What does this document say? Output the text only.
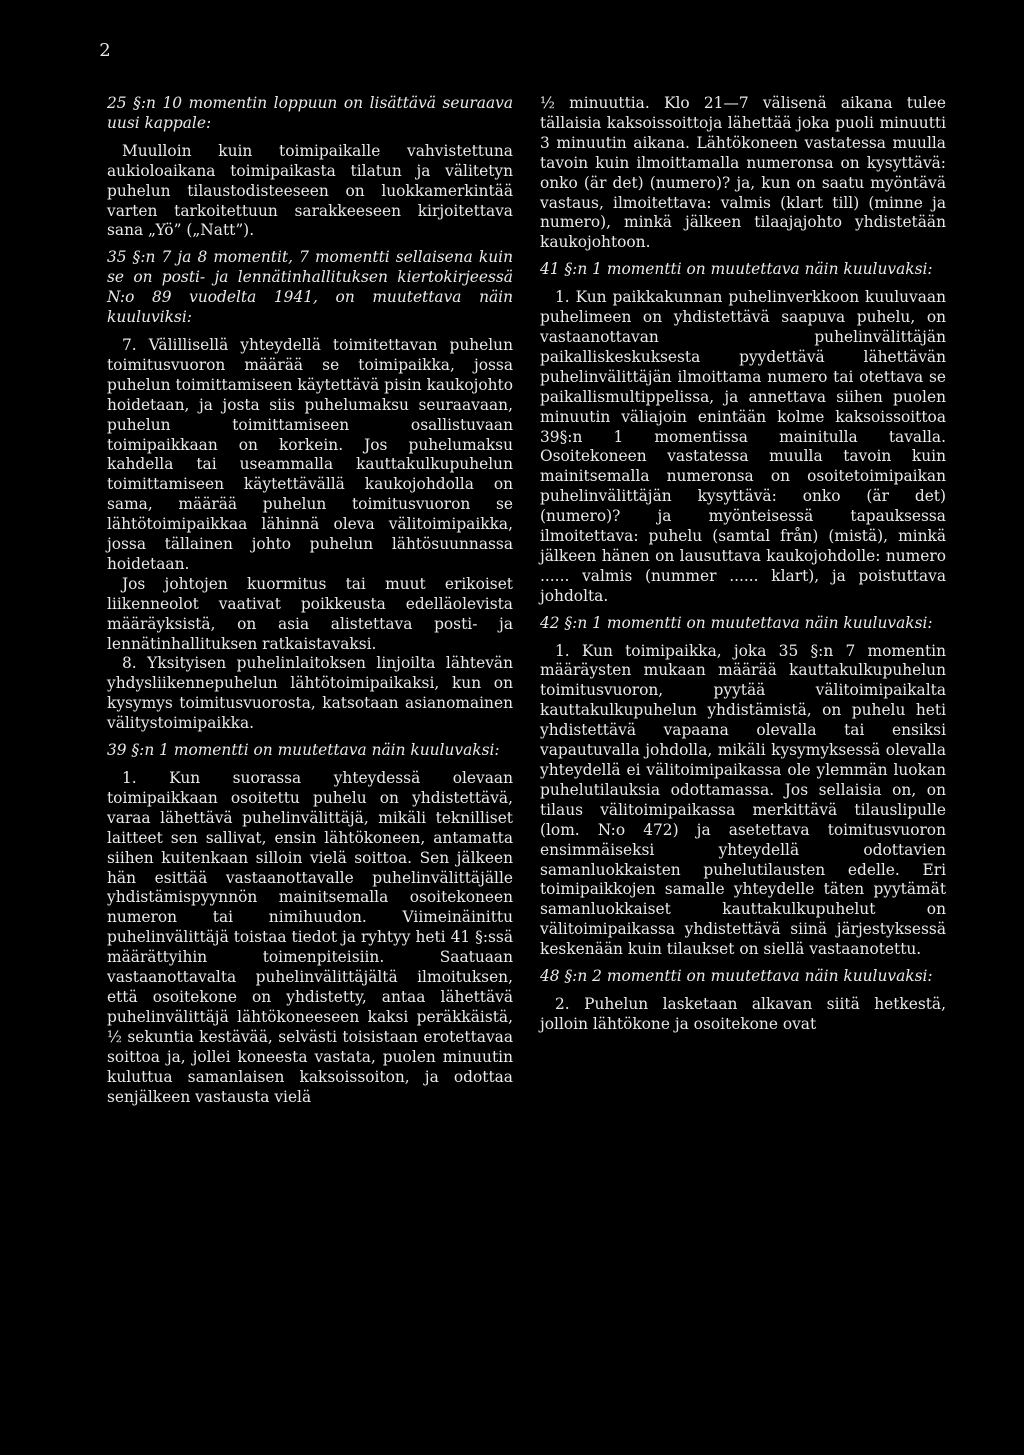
2

25 §:n 10 momentin loppuun on lisättävä seuraava uusi kappale:

Muulloin kuin toimipaikalle vahvistettuna aukioloaikana toimipaikasta tilatun ja välitetyn puhelun tilaustodisteeseen on luokkamerkintää varten tarkoitettuun sarakkeeseen kirjoitettava sana „Yö” („Natt”).

35 §:n 7 ja 8 momentit, 7 momentti sellaisena kuin se on posti- ja lennätinhallituksen kiertokirjeessä N:o 89 vuodelta 1941, on muutettava näin kuuluviksi:

7. Välillisellä yhteydellä toimitettavan puhelun toimitusvuoron määrää se toimipaikka, jossa puhelun toimittamiseen käytettävä pisin kaukojohto hoidetaan, ja josta siis puhelumaksu seuraavaan, puhelun toimittamiseen osallistuvaan toimipaikkaan on korkein. Jos puhelumaksu kahdella tai useammalla kauttakulkupuhelun toimittamiseen käytettävällä kaukojohdolla on sama, määrää puhelun toimitusvuoron se lähtötoimipaikkaa lähinnä oleva välitoimipaikka, jossa tällainen johto puhelun lähtösuunnassa hoidetaan.

Jos johtojen kuormitus tai muut erikoiset liikenneolot vaativat poikkeusta edelläolevista määräyksistä, on asia alistettava posti- ja lennätinhallituksen ratkaistavaksi.

8. Yksityisen puhelinlaitoksen linjoilta lähtevän yhdysliikennepuhelun lähtötoimipaikaksi, kun on kysymys toimitusvuorosta, katsotaan asianomainen välitystoimipaikka.

39 §:n 1 momentti on muutettava näin kuuluvaksi:

1. Kun suorassa yhteydessä olevaan toimipaikkaan osoitettu puhelu on yhdistettävä, varaa lähettävä puhelinvälittäjä, mikäli teknilliset laitteet sen sallivat, ensin lähtökoneen, antamatta siihen kuitenkaan silloin vielä soittoa. Sen jälkeen hän esittää vastaanottavalle puhelinvälittäjälle yhdistämispyynnön mainitsemalla osoitekoneen numeron tai nimihuudon. Viimeinäinittu puhelinvälittäjä toistaa tiedot ja ryhtyy heti 41 §:ssä määrättyihin toimenpiteisiin. Saatuaan vastaanottavalta puhelinvälittäjältä ilmoituksen, että osoitekone on yhdistetty, antaa lähettävä puhelinvälittäjä lähtökoneeseen kaksi peräkkäistä, ½ sekuntia kestävää, selvästi toisistaan erotettavaa soittoa ja, jollei koneesta vastata, puolen minuutin kuluttua samanlaisen kaksoissoiton, ja odottaa senjälkeen vastausta vielä

½ minuuttia. Klo 21—7 välisenä aikana tulee tällaisia kaksoissoittoja lähettää joka puoli minuutti 3 minuutin aikana. Lähtökoneen vastatessa muulla tavoin kuin ilmoittamalla numeronsa on kysyttävä: onko (är det) (numero)? ja, kun on saatu myöntävä vastaus, ilmoitettava: valmis (klart till) (minne ja numero), minkä jälkeen tilaajajohto yhdistetään kaukojohtoon.

41 §:n 1 momentti on muutettava näin kuuluvaksi:

1. Kun paikkakunnan puhelinverkkoon kuuluvaan puhelimeen on yhdistettävä saapuva puhelu, on vastaanottavan puhelinvälittäjän paikalliskeskuksesta pyydettävä lähettävän puhelinvälittäjän ilmoittama numero tai otettava se paikallismultippelissa, ja annettava siihen puolen minuutin väliajoin enintään kolme kaksoissoittoa 39§:n 1 momentissa mainitulla tavalla. Osoitekoneen vastatessa muulla tavoin kuin mainitsemalla numeronsa on osoitetoimipaikan puhelinvälittäjän kysyttävä: onko (är det) (numero)? ja myönteisessä tapauksessa ilmoitettava: puhelu (samtal från) (mistä), minkä jälkeen hänen on lausuttava kaukojohdolle: numero ...... valmis (nummer ...... klart), ja poistuttava johdolta.

42 §:n 1 momentti on muutettava näin kuuluvaksi:

1. Kun toimipaikka, joka 35 §:n 7 momentin määräysten mukaan määrää kauttakulkupuhelun toimitusvuoron, pyytää välitoimipaikalta kauttakulkupuhelun yhdistämistä, on puhelu heti yhdistettävä vapaana olevalla tai ensiksi vapautuvalla johdolla, mikäli kysymyksessä olevalla yhteydellä ei välitoimipaikassa ole ylemmän luokan puhelutilauksia odottamassa. Jos sellaisia on, on tilaus välitoimipaikassa merkittävä tilauslipulle (lom. N:o 472) ja asetettava toimitusvuoron ensimmäiseksi yhteydellä odottavien samanluokkaisten puhelutilausten edelle. Eri toimipaikkojen samalle yhteydelle täten pyytämät samanluokkaiset kauttakulkupuhelut on välitoimipaikassa yhdistettävä siinä järjestyksessä keskenään kuin tilaukset on siellä vastaanotettu.

48 §:n 2 momentti on muutettava näin kuuluvaksi:

2. Puhelun lasketaan alkavan siitä hetkestä, jolloin lähtökone ja osoitekone ovat
